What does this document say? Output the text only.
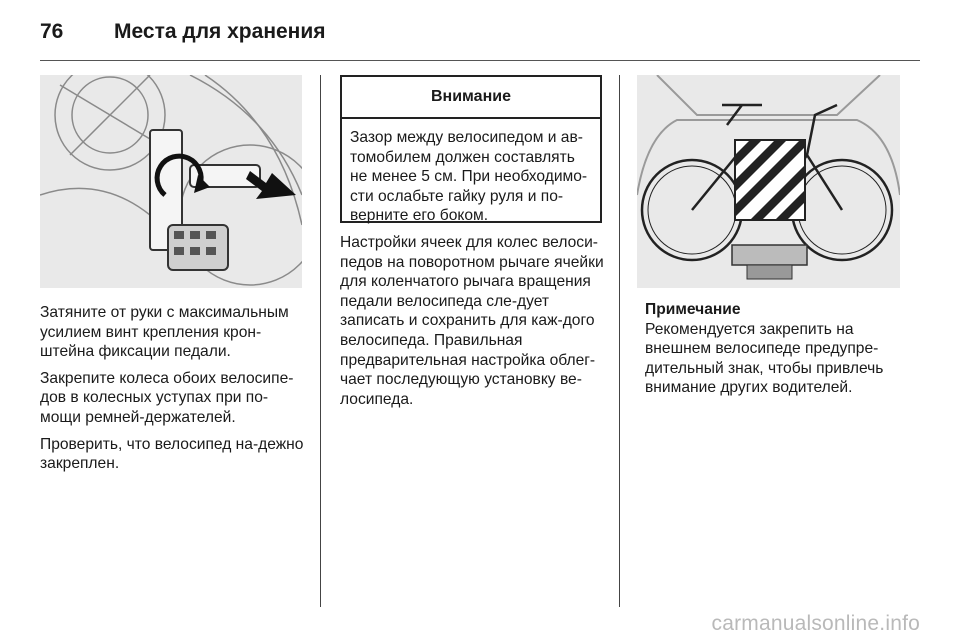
76	Места для хранения

Затяните от руки с максимальным усилием винт крепления крон-штейна фиксации педали.

Закрепите колеса обоих велосипе-дов в колесных уступах при по-мощи ремней-держателей.

Проверить, что велосипед на-дежно закреплен.

Внимание
Зазор между велосипедом и ав-томобилем должен составлять не менее 5 см. При необходимо-сти ослабьте гайку руля и по-верните его боком.

Настройки ячеек для колес велоси-педов на поворотном рычаге ячейки для коленчатого рычага вращения педали велосипеда сле-дует записать и сохранить для каж-дого велосипеда. Правильная предварительная настройка облег-чает последующую установку ве-лосипеда.

Примечание
Рекомендуется закрепить на внешнем велосипеде предупре-дительный знак, чтобы привлечь внимание других водителей.
carmanualsonline.info
